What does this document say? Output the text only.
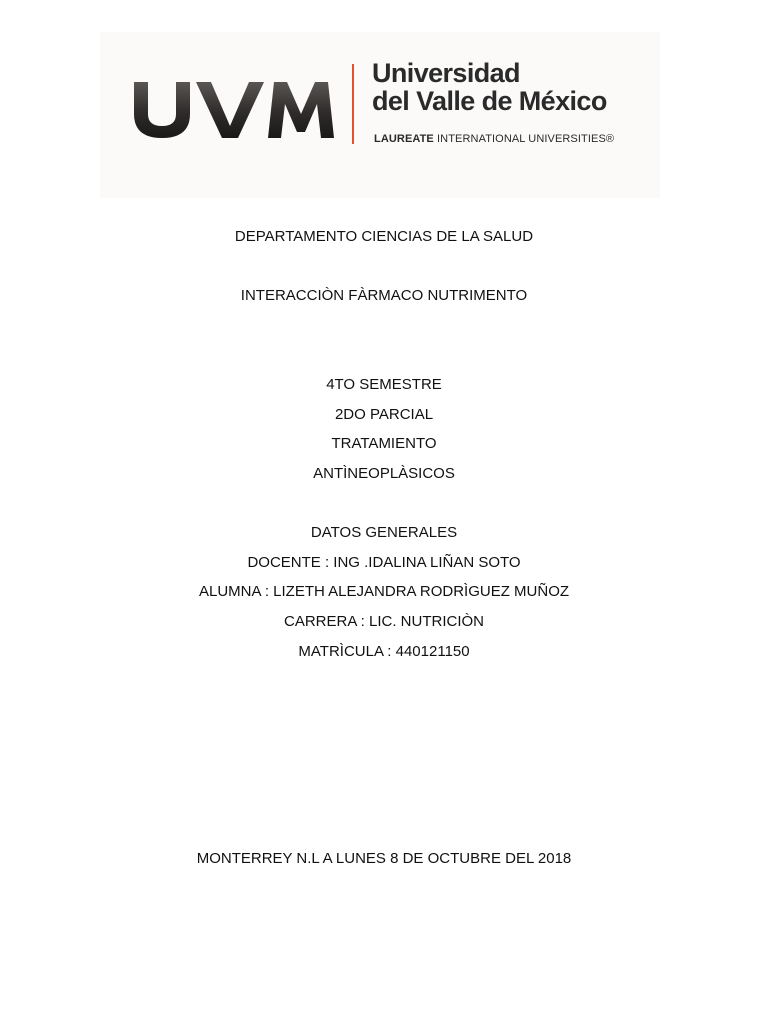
Universidad
del Valle de México
LAUREATE INTERNATIONAL UNIVERSITIES®
DEPARTAMENTO CIENCIAS DE LA SALUD
INTERACCIÒN FÀRMACO NUTRIMENTO
4TO SEMESTRE
2DO PARCIAL
TRATAMIENTO
ANTÌNEOPLÀSICOS
DATOS GENERALES
DOCENTE : ING .IDALINA LIÑAN SOTO
ALUMNA : LIZETH ALEJANDRA RODRÌGUEZ MUÑOZ
CARRERA : LIC. NUTRICIÒN
MATRÌCULA : 440121150
MONTERREY N.L A LUNES 8 DE OCTUBRE DEL 2018
